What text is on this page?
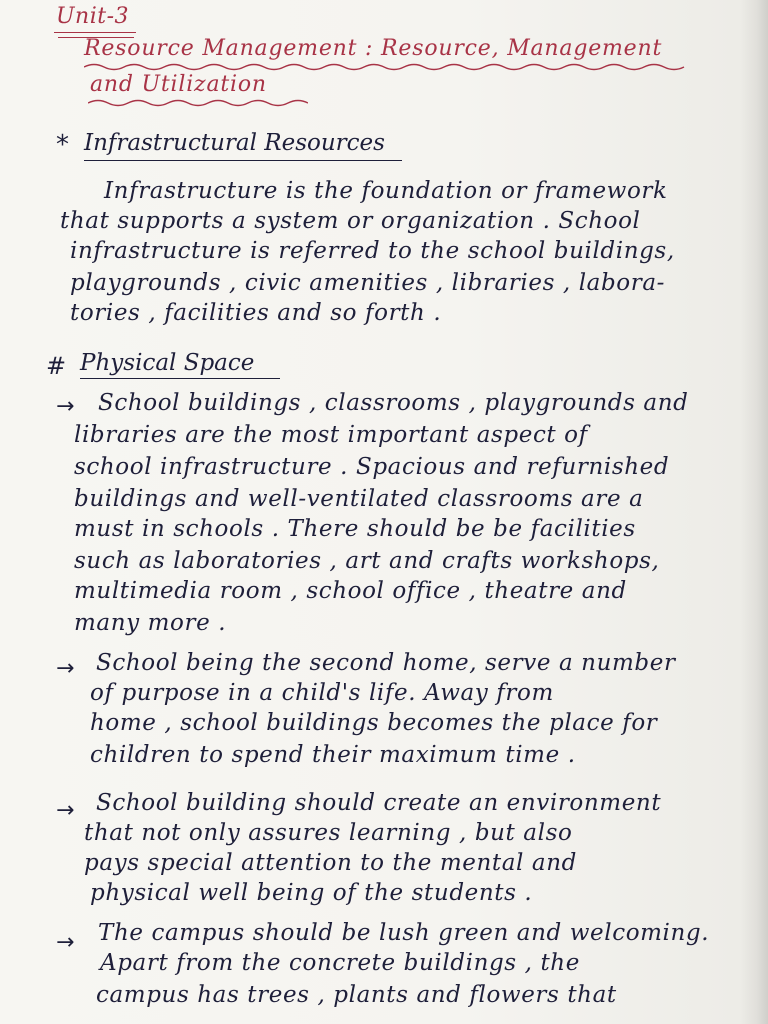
Unit-3
Resource Management : Resource, Management
and Utilization
* Infrastructural Resources
Infrastructure is the foundation or framework
that supports a system or organization . School
infrastructure is referred to the school buildings,
playgrounds , civic amenities , libraries , labora-
tories , facilities and so forth .
# Physical Space
→ School buildings , classrooms , playgrounds and
libraries are the most important aspect of
school infrastructure . Spacious and refurnished
buildings and well-ventilated classrooms are a
must in schools . There should be be facilities
such as laboratories , art and crafts workshops,
multimedia room , school office , theatre and
many more .
→ School being the second home, serve a number
of purpose in a child's life. Away from
home , school buildings becomes the place for
children to spend their maximum time .
→ School building should create an environment
that not only assures learning , but also
pays special attention to the mental and
physical well being of the students .
→ The campus should be lush green and welcoming.
Apart from the concrete buildings , the
campus has trees , plants and flowers that
